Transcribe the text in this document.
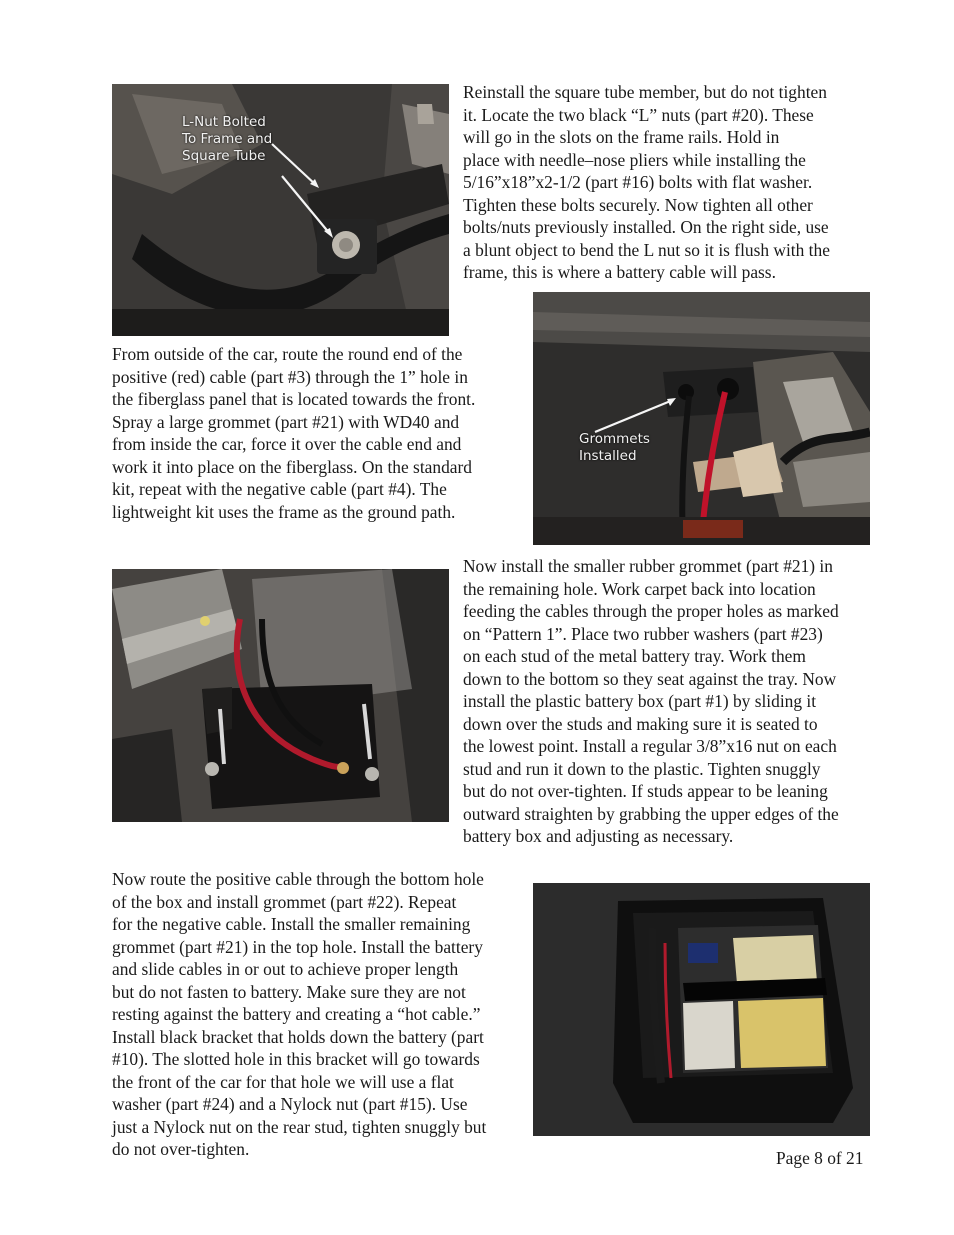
L-Nut Bolted
To Frame and
Square Tube
Reinstall the square tube member, but do not tighten
it. Locate the two black “L” nuts (part #20). These
will go in the slots on the frame rails. Hold in
place with needle–nose pliers while installing the
5/16”x18”x2-1/2 (part #16) bolts with flat washer.
Tighten these bolts securely. Now tighten all other
bolts/nuts previously installed. On the right side, use
a blunt object to bend the L nut so it is flush with the
frame, this is where a battery cable will pass.
Grommets
Installed
From outside of the car, route the round end of the
positive (red) cable (part #3) through the 1” hole in
the fiberglass panel that is located towards the front.
Spray a large grommet (part #21) with WD40 and
from inside the car, force it over the cable end and
work it into place on the fiberglass. On the standard
kit, repeat with the negative cable (part #4). The
lightweight kit uses the frame as the ground path.
Now install the smaller rubber grommet (part #21) in
the remaining hole. Work carpet back into location
feeding the cables through the proper holes as marked
on “Pattern 1”. Place two rubber washers (part #23)
on each stud of the metal battery tray. Work them
down to the bottom so they seat against the tray. Now
install the plastic battery box (part #1) by sliding it
down over the studs and making sure it is seated to
the lowest point. Install a regular 3/8”x16 nut on each
stud and run it down to the plastic. Tighten snuggly
but do not over-tighten. If studs appear to be leaning
outward straighten by grabbing the upper edges of the
battery box and adjusting as necessary.
Now route the positive cable through the bottom hole
of the box and install grommet (part #22). Repeat
for the negative cable. Install the smaller remaining
grommet (part #21) in the top hole. Install the battery
and slide cables in or out to achieve proper length
but do not fasten to battery. Make sure they are not
resting against the battery and creating a “hot cable.”
Install black bracket that holds down the battery (part
#10). The slotted hole in this bracket will go towards
the front of the car for that hole we will use a flat
washer (part #24) and a Nylock nut (part #15). Use
just a Nylock nut on the rear stud, tighten snuggly but
do not over-tighten.	Page 8 of 21
